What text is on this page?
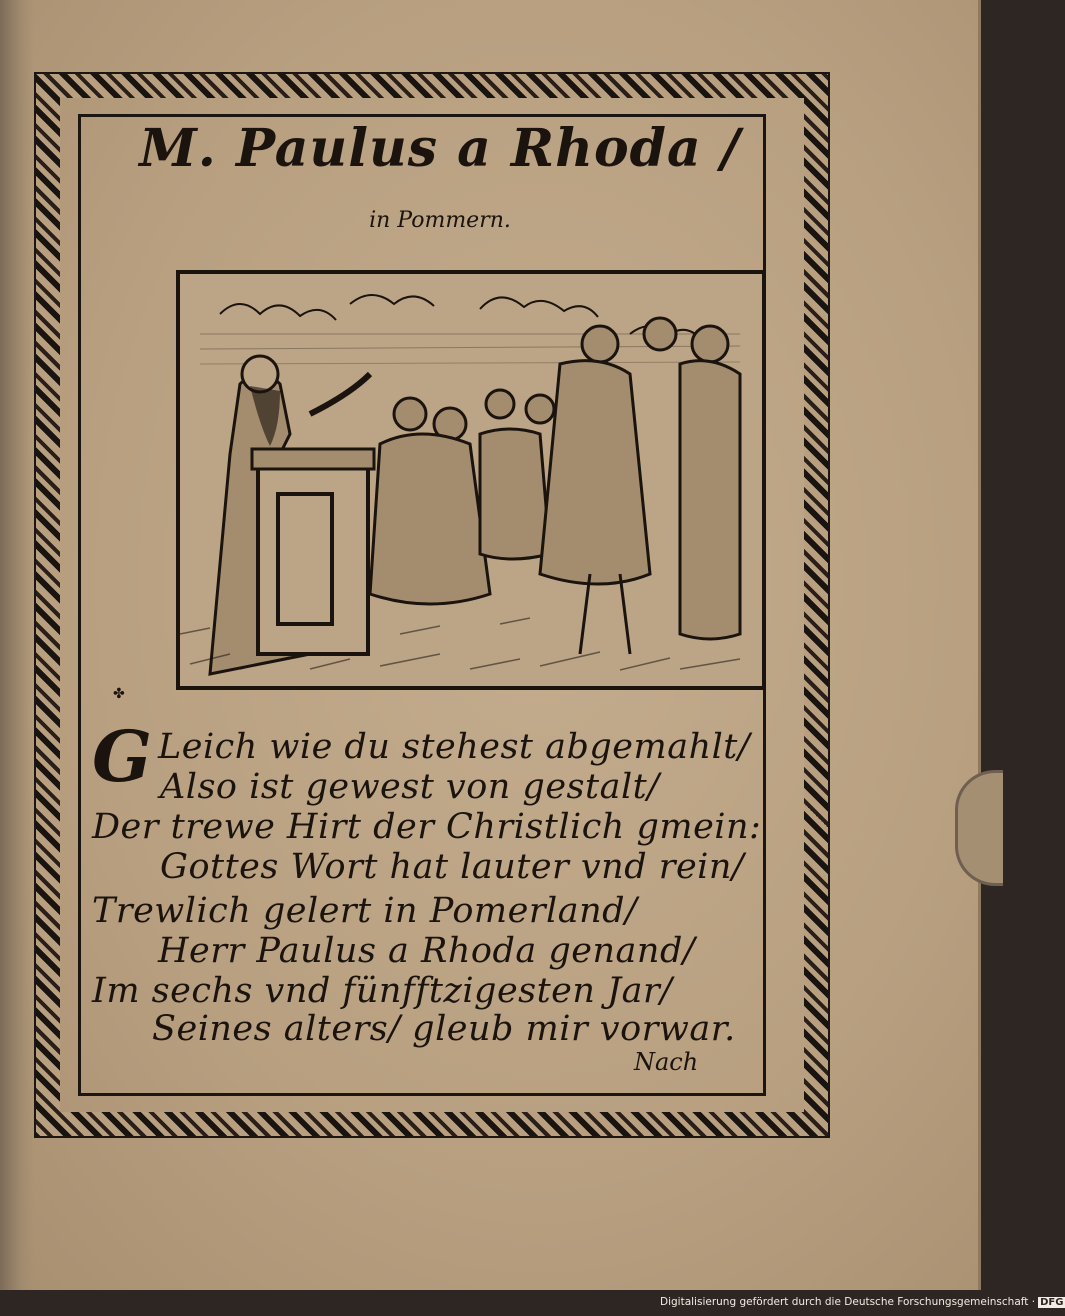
M. Paulus a Rhoda /
in Pommern.
✤
G Leich wie du stehest abgemahlt/
Also ist gewest von gestalt/
Der trewe Hirt der Christlich gmein:
Gottes Wort hat lauter vnd rein/
Trewlich gelert in Pomerland/
Herr Paulus a Rhoda genand/
Im sechs vnd fünfftzigesten Jar/
Seines alters/ gleub mir vorwar.
Nach
Digitalisierung gefördert durch die Deutsche Forschungsgemeinschaft · DFG
